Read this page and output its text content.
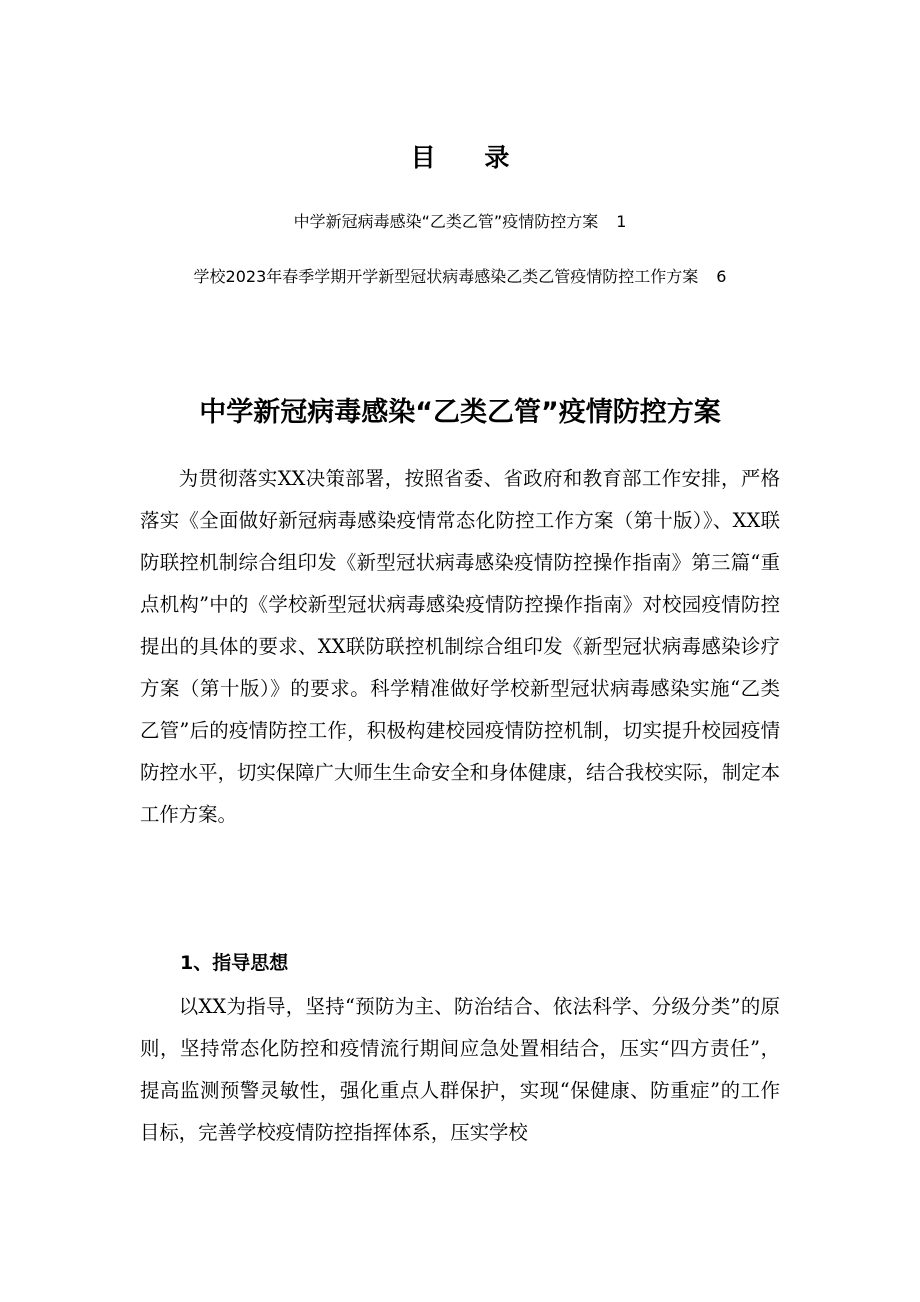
目 录
中学新冠病毒感染“乙类乙管”疫情防控方案 1
学校2023年春季学期开学新型冠状病毒感染乙类乙管疫情防控工作方案 6
中学新冠病毒感染“乙类乙管”疫情防控方案

为贯彻落实XX决策部署，按照省委、省政府和教育部工作安排，严格落实《全面做好新冠病毒感染疫情常态化防控工作方案（第十版）》、XX联防联控机制综合组印发《新型冠状病毒感染疫情防控操作指南》第三篇“重点机构”中的《学校新型冠状病毒感染疫情防控操作指南》对校园疫情防控提出的具体的要求、XX联防联控机制综合组印发《新型冠状病毒感染诊疗方案（第十版）》的要求。科学精准做好学校新型冠状病毒感染实施“乙类乙管”后的疫情防控工作，积极构建校园疫情防控机制，切实提升校园疫情防控水平，切实保障广大师生生命安全和身体健康，结合我校实际，制定本工作方案。

1、指导思想

以XX为指导，坚持“预防为主、防治结合、依法科学、分级分类”的原则，坚持常态化防控和疫情流行期间应急处置相结合，压实“四方责任”，提高监测预警灵敏性，强化重点人群保护，实现“保健康、防重症”的工作目标，完善学校疫情防控指挥体系，压实学校
